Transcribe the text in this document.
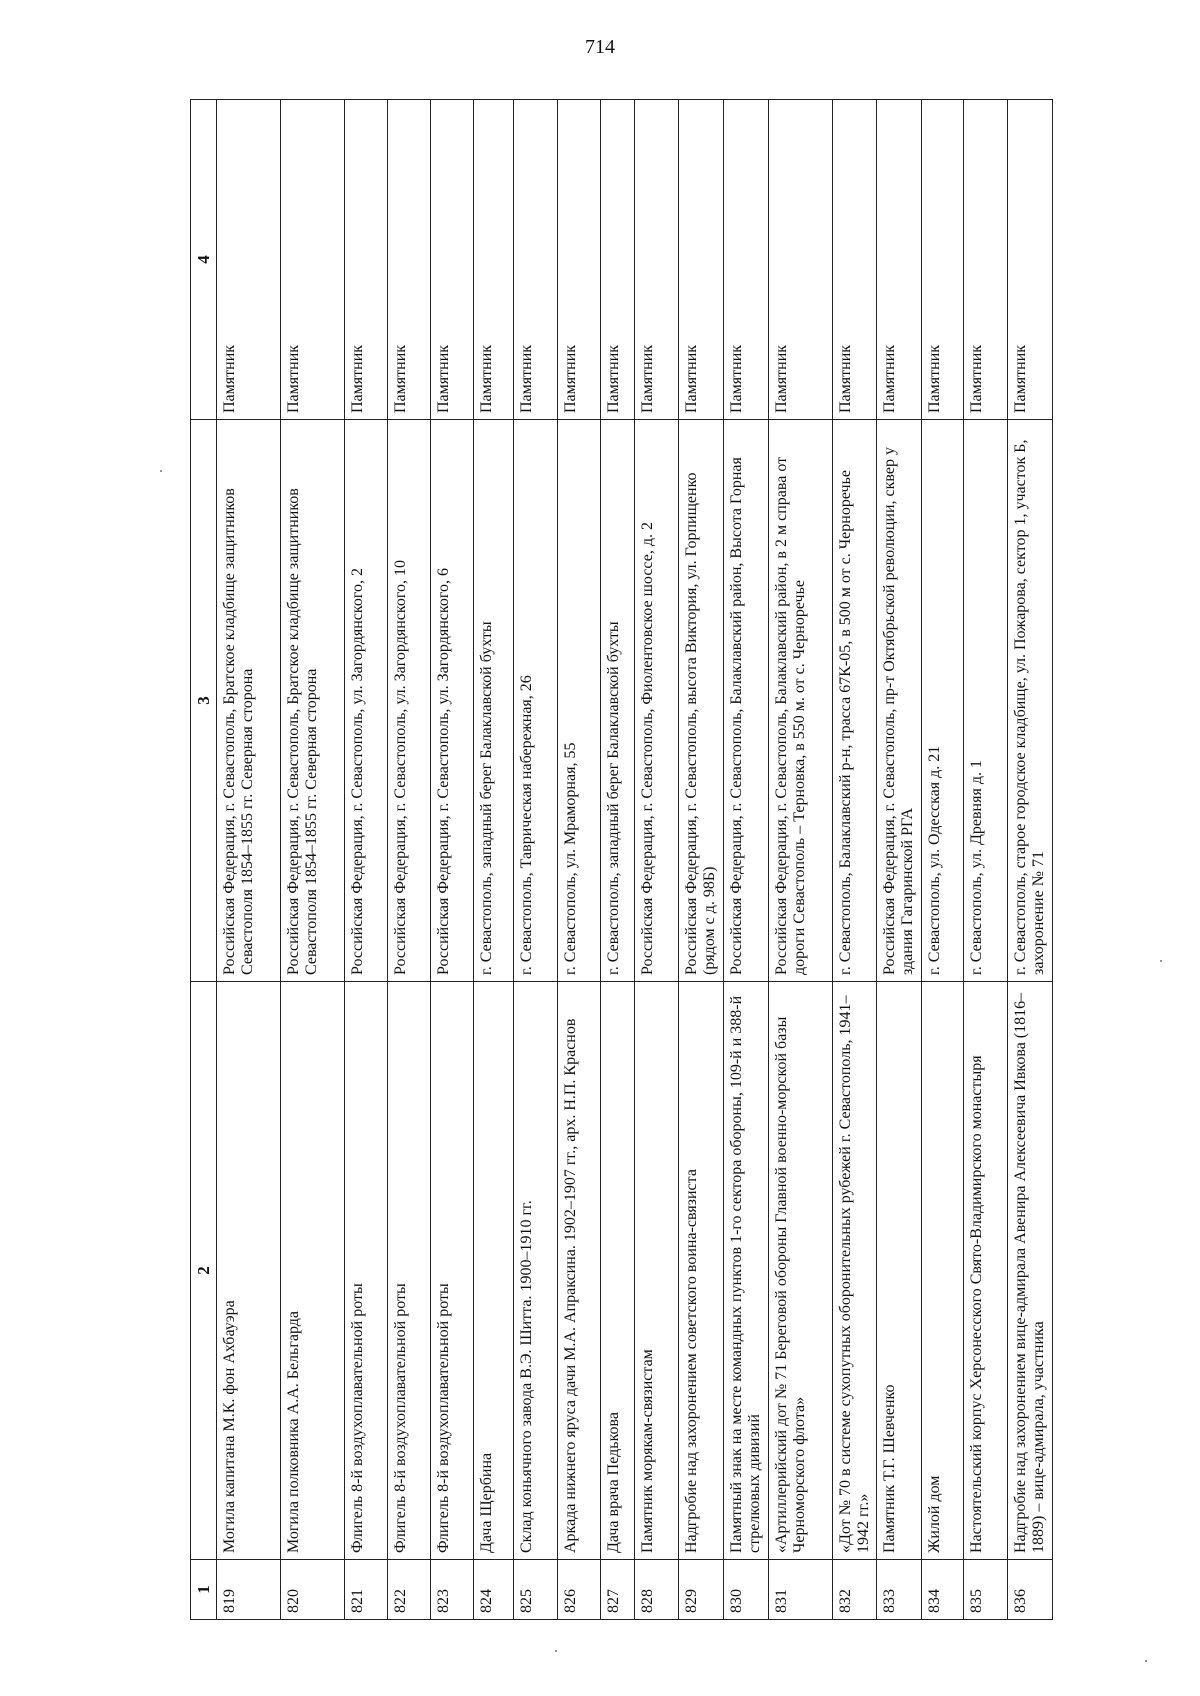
714
1	2	3	4
819	Могила капитана М.К. фон Ахбауэра	Российская Федерация, г. Севастополь, Братское кладбище защитников Севастополя 1854–1855 гг. Северная сторона	Памятник
820	Могила полковника А.А. Бельгарда	Российская Федерация, г. Севастополь, Братское кладбище защитников Севастополя 1854–1855 гг. Северная сторона	Памятник
821	Флигель 8-й воздухоплавательной роты	Российская Федерация, г. Севастополь, ул. Загордянского, 2	Памятник
822	Флигель 8-й воздухоплавательной роты	Российская Федерация, г. Севастополь, ул. Загордянского, 10	Памятник
823	Флигель 8-й воздухоплавательной роты	Российская Федерация, г. Севастополь, ул. Загордянского, 6	Памятник
824	Дача Щербина	г. Севастополь, западный берег Балаклавской бухты	Памятник
825	Склад коньячного завода В.Э. Шитта. 1900–1910 гг.	г. Севастополь, Таврическая набережная, 26	Памятник
826	Аркада нижнего яруса дачи М.А. Апраксина. 1902–1907 гг., арх. Н.П. Краснов	г. Севастополь, ул. Мраморная, 55	Памятник
827	Дача врача Педькова	г. Севастополь, западный берег Балаклавской бухты	Памятник
828	Памятник морякам-связистам	Российская Федерация, г. Севастополь, Фиолентовское шоссе, д. 2	Памятник
829	Надгробие над захоронением советского воина-связиста	Российская Федерация, г. Севастополь, высота Виктория, ул. Горпищенко (рядом с д. 98Б)	Памятник
830	Памятный знак на месте командных пунктов 1-го сектора обороны, 109-й и 388-й стрелковых дивизий	Российская Федерация, г. Севастополь, Балаклавский район, Высота Горная	Памятник
831	«Артиллерийский дот № 71 Береговой обороны Главной военно-морской базы Черноморского флота»	Российская Федерация, г. Севастополь, Балаклавский район, в 2 м справа от дороги Севастополь – Терновка, в 550 м. от с. Черноречье	Памятник
832	«Дот № 70 в системе сухопутных оборонительных рубежей г. Севастополь, 1941–1942 гг.»	г. Севастополь, Балаклавский р-н, трасса 67К-05, в 500 м от с. Черноречье	Памятник
833	Памятник Т.Г. Шевченко	Российская Федерация, г. Севастополь, пр-т Октябрьской революции, сквер у здания Гагаринской РГА	Памятник
834	Жилой дом	г. Севастополь, ул. Одесская д. 21	Памятник
835	Настоятельский корпус Херсонесского Свято-Владимирского монастыря	г. Севастополь, ул. Древняя д. 1	Памятник
836	Надгробие над захоронением вице-адмирала Авенира Алексеевича Ивкова (1816–1889) – вице-адмирала, участника	г. Севастополь, старое городское кладбище, ул. Пожарова, сектор 1, участок Б, захоронение № 71	Памятник
